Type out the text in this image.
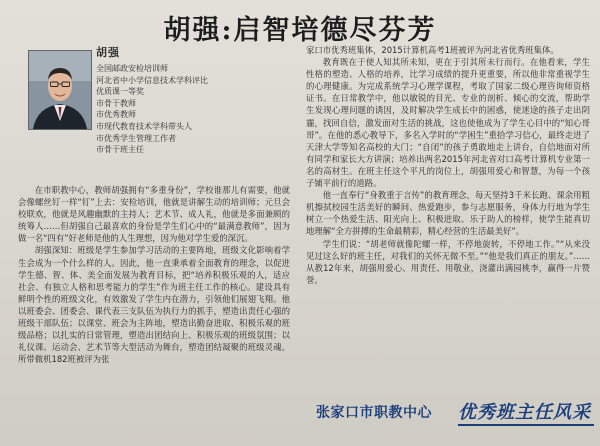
胡强:启智培德尽芬芳
胡强
全国邮政安检培训师
河北省中小学信息技术学科评比
优质课一等奖
市骨干教师
市优秀教师
市现代教育技术学科带头人
市优秀学生管理工作者
市骨干班主任

在市职教中心，教师胡强拥有“多重身份”，学校谁那儿有需要，他就会像螺丝钉一样“钉”上去：安检培训，他就是讲解生动的培训师；元旦会校联欢，他就是风趣幽默的主持人；艺术节、成人礼，他就是多面兼顾的统筹人……但胡强自己最喜欢的身份是学生们心中的“最满意教师”，因为做一名“四有”好老师是他的人生理想，因为他对学生爱的深沉。

胡强深知：班级是学生参加学习活动的主要阵地，班级文化影响着学生会成为一个什么样的人。因此，他一直秉承着全面教育的理念，以促进学生德、智、体、美全面发展为教育目标，把“培养积极乐观的人，适应社会、有独立人格和思考能力的学生”作为班主任工作的核心。建设具有鲜明个性的班级文化，有效激发了学生内在潜力，引领他们展翅飞翔。他以班委会、团委会、课代表三支队伍为执行力的抓手，塑造出责任心强的班级干部队伍；以课堂、班会为主阵地，塑造出勤奋进取、积极乐观的班级品格；以扎实的日常管理，塑造出团结向上、积极乐观的班级氛围；以礼仪课、运动会、艺术节等大型活动为舞台，塑造团结凝聚的班级灵魂。所带微机182班被评为张

家口市优秀班集体，2015计算机高考1班被评为河北省优秀班集体。

教育既在于使人知其所未知，更在于引其所未行而行。在他看来，学生性格的塑造、人格的培养，比学习成绩的提升更重要，所以他非常重视学生的心理健康。为完成系统学习心理学课程，考取了国家二级心理咨询师资格证书。在日常教学中，他以敏锐的目光、专业的剖析、倾心的交流，帮助学生发现心理问题的诱因，及时解决学生成长中的困惑，使迷途的孩子走出阴霾，找回自信，激发面对生活的挑战，这也使他成为了学生心目中的“知心哥哥”。在他的悉心教导下，多名入学时的“学困生”重拾学习信心，最终走进了天津大学等知名高校的大门；“自闭”的孩子勇敢地走上讲台，自信地面对所有同学和家长大方讲演；培养出两名2015年河北省对口高考计算机专业第一名的高材生。在班主任这个平凡的岗位上，胡强用爱心和智慧，为每一个孩子铺平前行的道路。

他一直奉行“身教重于言传”的教育理念，每天坚持3千米长跑、课余用粗机擦拭校园生活美好的瞬间、热爱跑步，参与志愿服务，身体力行地为学生树立一个热爱生活、阳光向上、积极进取、乐于助人的榜样，使学生能真切地理解“全方拼搏的生命最精彩，精心经营的生活最美好”。

学生们说：“胡老师就像陀螺一样，不停地旋转，不停地工作。”“从来没见过这么好的班主任，对我们的关怀无微不至。”“他是我们真正的朋友。”……从教12年来，胡强用爱心、用责任、用敬业，浇灌出满园桃李，赢得一片赞誉。

张家口市职教中心 优秀班主任风采
